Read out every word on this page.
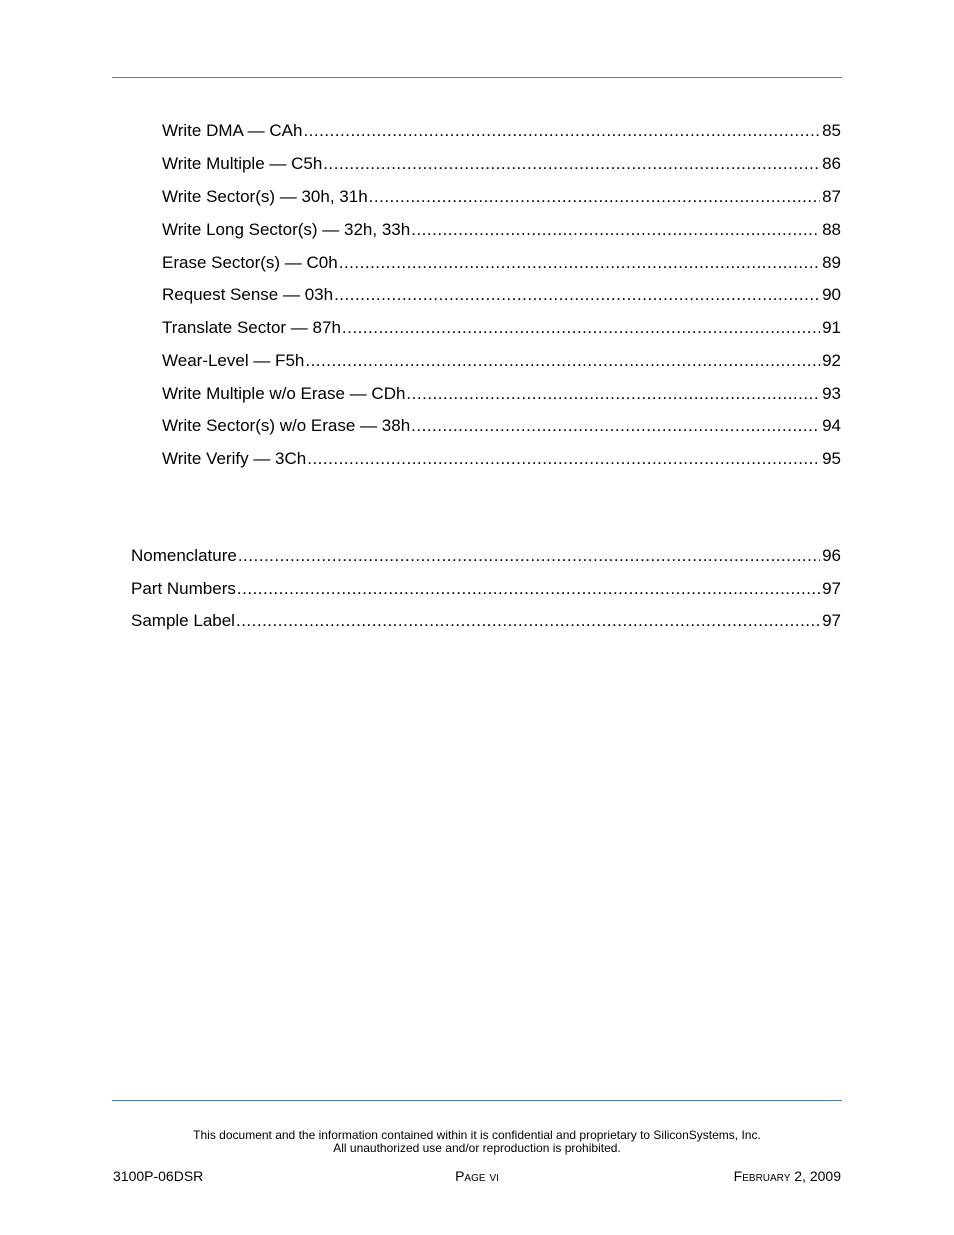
Write DMA — CAh .....	85
Write Multiple — C5h .....	86
Write Sector(s) — 30h, 31h .....	87
Write Long Sector(s) — 32h, 33h .....	88
Erase Sector(s) — C0h .....	89
Request Sense — 03h .....	90
Translate Sector — 87h .....	91
Wear-Level — F5h .....	92
Write Multiple w/o Erase — CDh .....	93
Write Sector(s) w/o Erase — 38h .....	94
Write Verify — 3Ch .....	95
Nomenclature .....	96
Part Numbers .....	97
Sample Label .....	97
This document and the information contained within it is confidential and proprietary to SiliconSystems, Inc.
All unauthorized use and/or reproduction is prohibited.
3100P-06DSR	Page vi	February 2, 2009
